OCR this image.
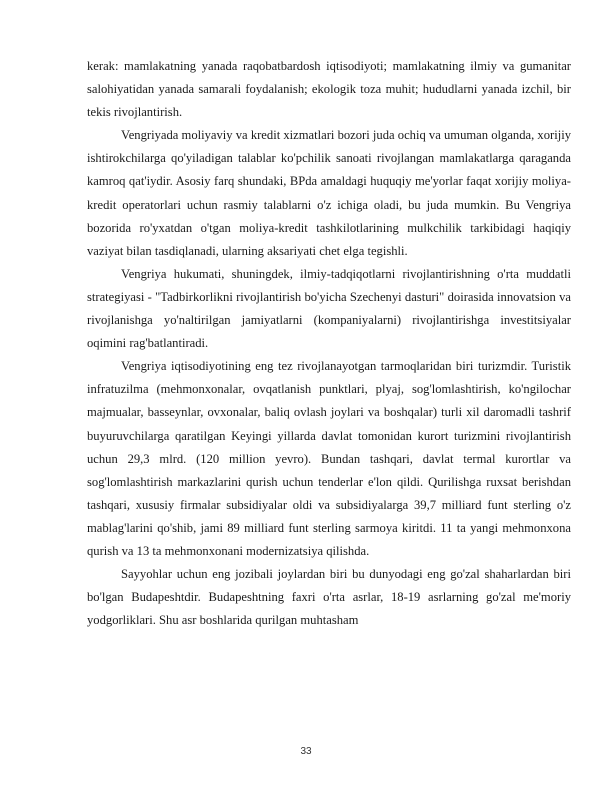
kerak: mamlakatning yanada raqobatbardosh iqtisodiyoti; mamlakatning ilmiy va gumanitar salohiyatidan yanada samarali foydalanish; ekologik toza muhit; hududlarni yanada izchil, bir tekis rivojlantirish.

Vengriyada moliyaviy va kredit xizmatlari bozori juda ochiq va umuman olganda, xorijiy ishtirokchilarga qo'yiladigan talablar ko'pchilik sanoati rivojlangan mamlakatlarga qaraganda kamroq qat'iydir. Asosiy farq shundaki, BPda amaldagi huquqiy me'yorlar faqat xorijiy moliya-kredit operatorlari uchun rasmiy talablarni o'z ichiga oladi, bu juda mumkin. Bu Vengriya bozorida ro'yxatdan o'tgan moliya-kredit tashkilotlarining mulkchilik tarkibidagi haqiqiy vaziyat bilan tasdiqlanadi, ularning aksariyati chet elga tegishli.

Vengriya hukumati, shuningdek, ilmiy-tadqiqotlarni rivojlantirishning o'rta muddatli strategiyasi - "Tadbirkorlikni rivojlantirish bo'yicha Szechenyi dasturi" doirasida innovatsion va rivojlanishga yo'naltirilgan jamiyatlarni (kompaniyalarni) rivojlantirishga investitsiyalar oqimini rag'batlantiradi.

Vengriya iqtisodiyotining eng tez rivojlanayotgan tarmoqlaridan biri turizmdir. Turistik infratuzilma (mehmonxonalar, ovqatlanish punktlari, plyaj, sog'lomlashtirish, ko'ngilochar majmualar, basseynlar, ovxonalar, baliq ovlash joylari va boshqalar) turli xil daromadli tashrif buyuruvchilarga qaratilgan Keyingi yillarda davlat tomonidan kurort turizmini rivojlantirish uchun 29,3 mlrd. (120 million yevro). Bundan tashqari, davlat termal kurortlar va sog'lomlashtirish markazlarini qurish uchun tenderlar e'lon qildi. Qurilishga ruxsat berishdan tashqari, xususiy firmalar subsidiyalar oldi va subsidiyalarga 39,7 milliard funt sterling o'z mablag'larini qo'shib, jami 89 milliard funt sterling sarmoya kiritdi. 11 ta yangi mehmonxona qurish va 13 ta mehmonxonani modernizatsiya qilishda.

Sayyohlar uchun eng jozibali joylardan biri bu dunyodagi eng go'zal shaharlardan biri bo'lgan Budapeshtdir. Budapeshtning faxri o'rta asrlar, 18-19 asrlarning go'zal me'moriy yodgorliklari. Shu asr boshlarida qurilgan muhtasham

33
